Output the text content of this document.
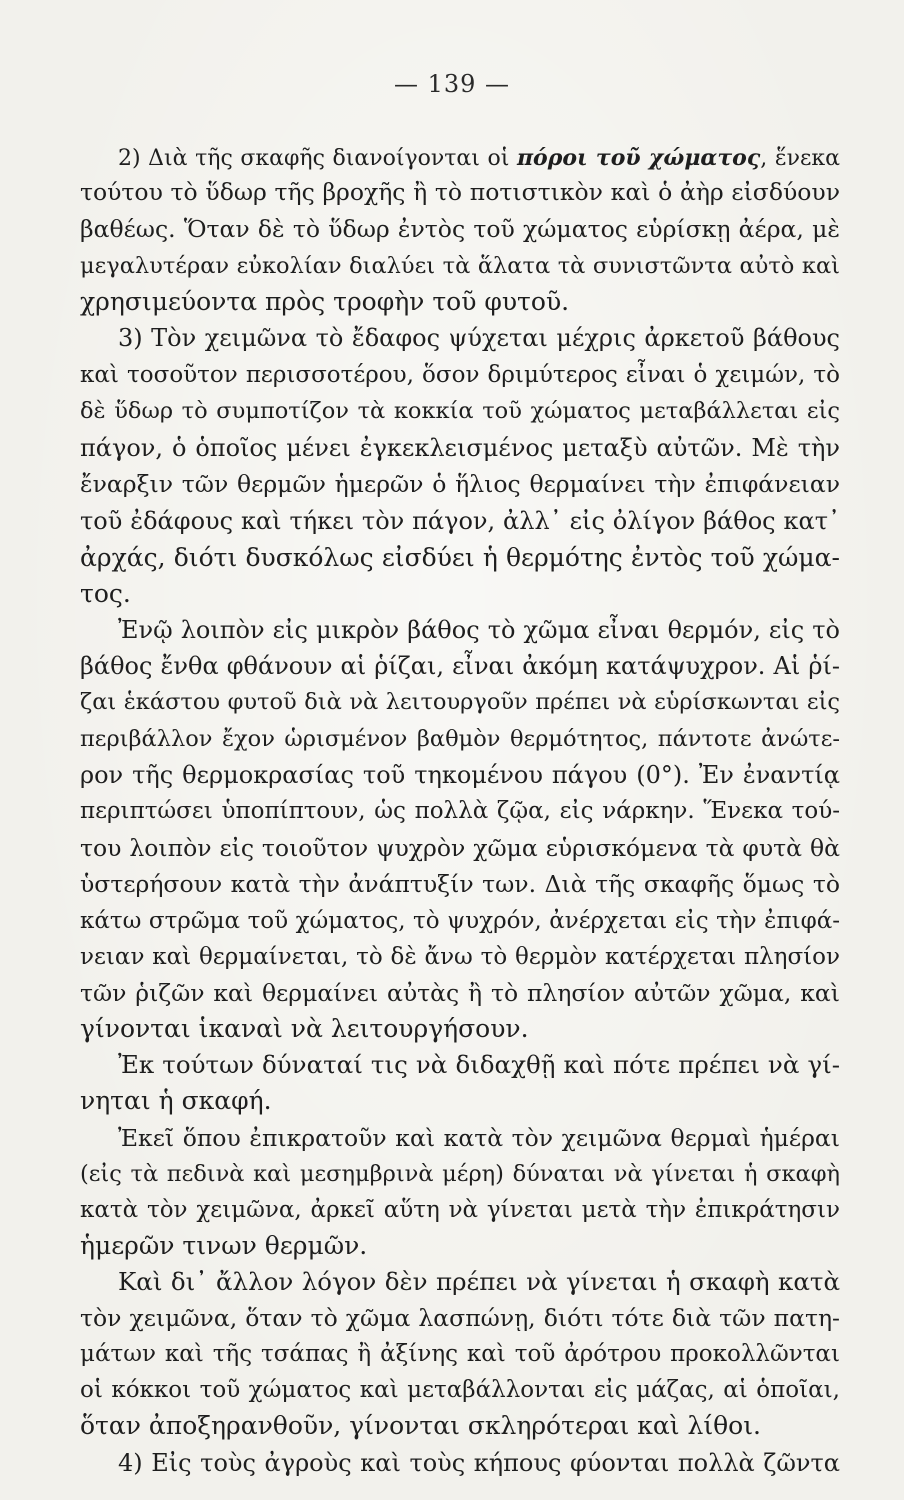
— 139 —
2) Διὰ τῆς σκαφῆς διανοίγονται οἱ πόροι τοῦ χώματος, ἕνεκα
τούτου τὸ ὕδωρ τῆς βροχῆς ἢ τὸ ποτιστικὸν καὶ ὁ ἀὴρ εἰσδύουν
βαθέως. Ὅταν δὲ τὸ ὕδωρ ἐντὸς τοῦ χώματος εὑρίσκῃ ἀέρα, μὲ
μεγαλυτέραν εὐκολίαν διαλύει τὰ ἅλατα τὰ συνιστῶντα αὐτὸ καὶ
χρησιμεύοντα πρὸς τροφὴν τοῦ φυτοῦ.
3) Τὸν χειμῶνα τὸ ἔδαφος ψύχεται μέχρις ἀρκετοῦ βάθους
καὶ τοσοῦτον περισσοτέρου, ὅσον δριμύτερος εἶναι ὁ χειμών, τὸ
δὲ ὕδωρ τὸ συμποτίζον τὰ κοκκία τοῦ χώματος μεταβάλλεται εἰς
πάγον, ὁ ὁποῖος μένει ἐγκεκλεισμένος μεταξὺ αὐτῶν. Μὲ τὴν
ἔναρξιν τῶν θερμῶν ἡμερῶν ὁ ἥλιος θερμαίνει τὴν ἐπιφάνειαν
τοῦ ἐδάφους καὶ τήκει τὸν πάγον, ἀλλ᾽ εἰς ὀλίγον βάθος κατ᾽
ἀρχάς, διότι δυσκόλως εἰσδύει ἡ θερμότης ἐντὸς τοῦ χώμα-
τος.
Ἐνῷ λοιπὸν εἰς μικρὸν βάθος τὸ χῶμα εἶναι θερμόν, εἰς τὸ
βάθος ἔνθα φθάνουν αἱ ῥίζαι, εἶναι ἀκόμη κατάψυχρον. Αἱ ῥί-
ζαι ἑκάστου φυτοῦ διὰ νὰ λειτουργοῦν πρέπει νὰ εὑρίσκωνται εἰς
περιβάλλον ἔχον ὡρισμένον βαθμὸν θερμότητος, πάντοτε ἀνώτε-
ρον τῆς θερμοκρασίας τοῦ τηκομένου πάγου (0°). Ἐν ἐναντίᾳ
περιπτώσει ὑποπίπτουν, ὡς πολλὰ ζῷα, εἰς νάρκην. Ἕνεκα τού-
του λοιπὸν εἰς τοιοῦτον ψυχρὸν χῶμα εὑρισκόμενα τὰ φυτὰ θὰ
ὑστερήσουν κατὰ τὴν ἀνάπτυξίν των. Διὰ τῆς σκαφῆς ὅμως τὸ
κάτω στρῶμα τοῦ χώματος, τὸ ψυχρόν, ἀνέρχεται εἰς τὴν ἐπιφά-
νειαν καὶ θερμαίνεται, τὸ δὲ ἄνω τὸ θερμὸν κατέρχεται πλησίον
τῶν ῥιζῶν καὶ θερμαίνει αὐτὰς ἢ τὸ πλησίον αὐτῶν χῶμα, καὶ
γίνονται ἱκαναὶ νὰ λειτουργήσουν.
Ἐκ τούτων δύναταί τις νὰ διδαχθῇ καὶ πότε πρέπει νὰ γί-
νηται ἡ σκαφή.
Ἐκεῖ ὅπου ἐπικρατοῦν καὶ κατὰ τὸν χειμῶνα θερμαὶ ἡμέραι
(εἰς τὰ πεδινὰ καὶ μεσημβρινὰ μέρη) δύναται νὰ γίνεται ἡ σκαφὴ
κατὰ τὸν χειμῶνα, ἀρκεῖ αὕτη νὰ γίνεται μετὰ τὴν ἐπικράτησιν
ἡμερῶν τινων θερμῶν.
Καὶ δι᾽ ἄλλον λόγον δὲν πρέπει νὰ γίνεται ἡ σκαφὴ κατὰ
τὸν χειμῶνα, ὅταν τὸ χῶμα λασπώνῃ, διότι τότε διὰ τῶν πατη-
μάτων καὶ τῆς τσάπας ἢ ἀξίνης καὶ τοῦ ἀρότρου προκολλῶνται
οἱ κόκκοι τοῦ χώματος καὶ μεταβάλλονται εἰς μάζας, αἱ ὁποῖαι,
ὅταν ἀποξηρανθοῦν, γίνονται σκληρότεραι καὶ λίθοι.
4) Εἰς τοὺς ἀγροὺς καὶ τοὺς κήπους φύονται πολλὰ ζῶντα
